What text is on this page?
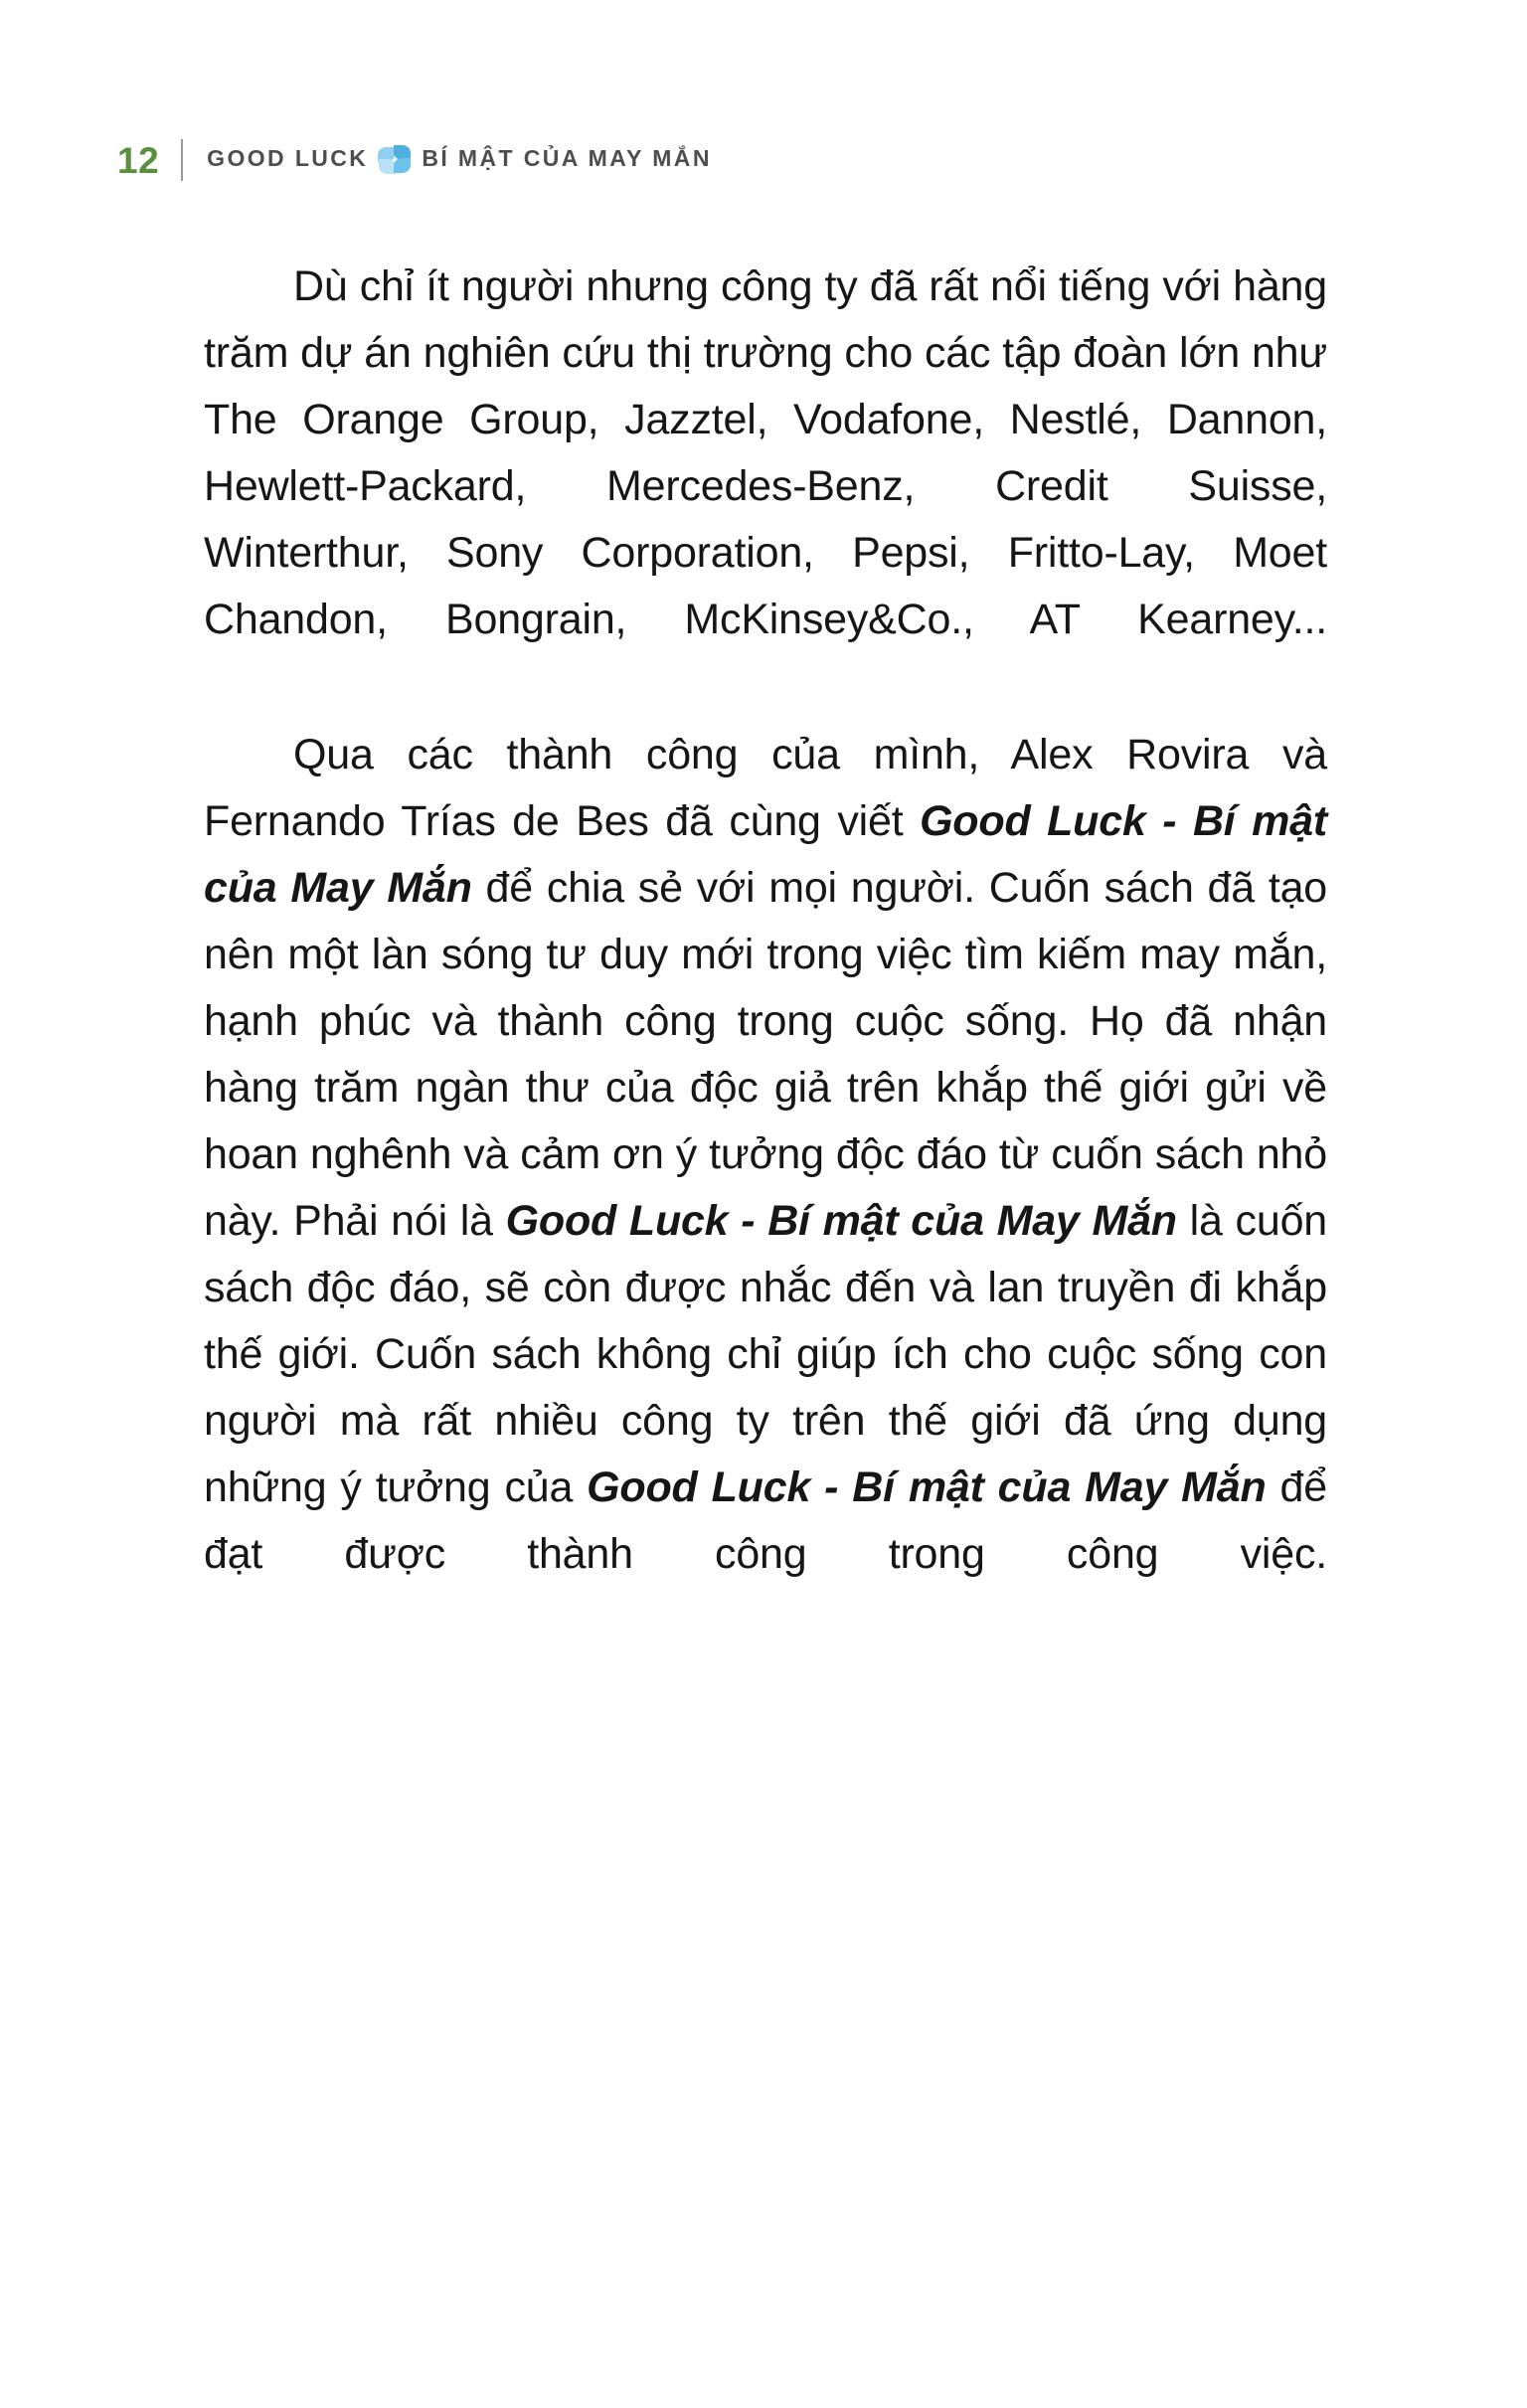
12	GOOD LUCK BÍ MẬT CỦA MAY MẮN

Dù chỉ ít người nhưng công ty đã rất nổi tiếng với hàng trăm dự án nghiên cứu thị trường cho các tập đoàn lớn như The Orange Group, Jazztel, Vodafone, Nestlé, Dannon, Hewlett-Packard, Mercedes-Benz, Credit Suisse, Winterthur, Sony Corporation, Pepsi, Fritto-Lay, Moet Chandon, Bongrain, McKinsey&Co., AT Kearney...

Qua các thành công của mình, Alex Rovira và Fernando Trías de Bes đã cùng viết Good Luck - Bí mật của May Mắn để chia sẻ với mọi người. Cuốn sách đã tạo nên một làn sóng tư duy mới trong việc tìm kiếm may mắn, hạnh phúc và thành công trong cuộc sống. Họ đã nhận hàng trăm ngàn thư của độc giả trên khắp thế giới gửi về hoan nghênh và cảm ơn ý tưởng độc đáo từ cuốn sách nhỏ này. Phải nói là Good Luck - Bí mật của May Mắn là cuốn sách độc đáo, sẽ còn được nhắc đến và lan truyền đi khắp thế giới. Cuốn sách không chỉ giúp ích cho cuộc sống con người mà rất nhiều công ty trên thế giới đã ứng dụng những ý tưởng của Good Luck - Bí mật của May Mắn để đạt được thành công trong công việc.
